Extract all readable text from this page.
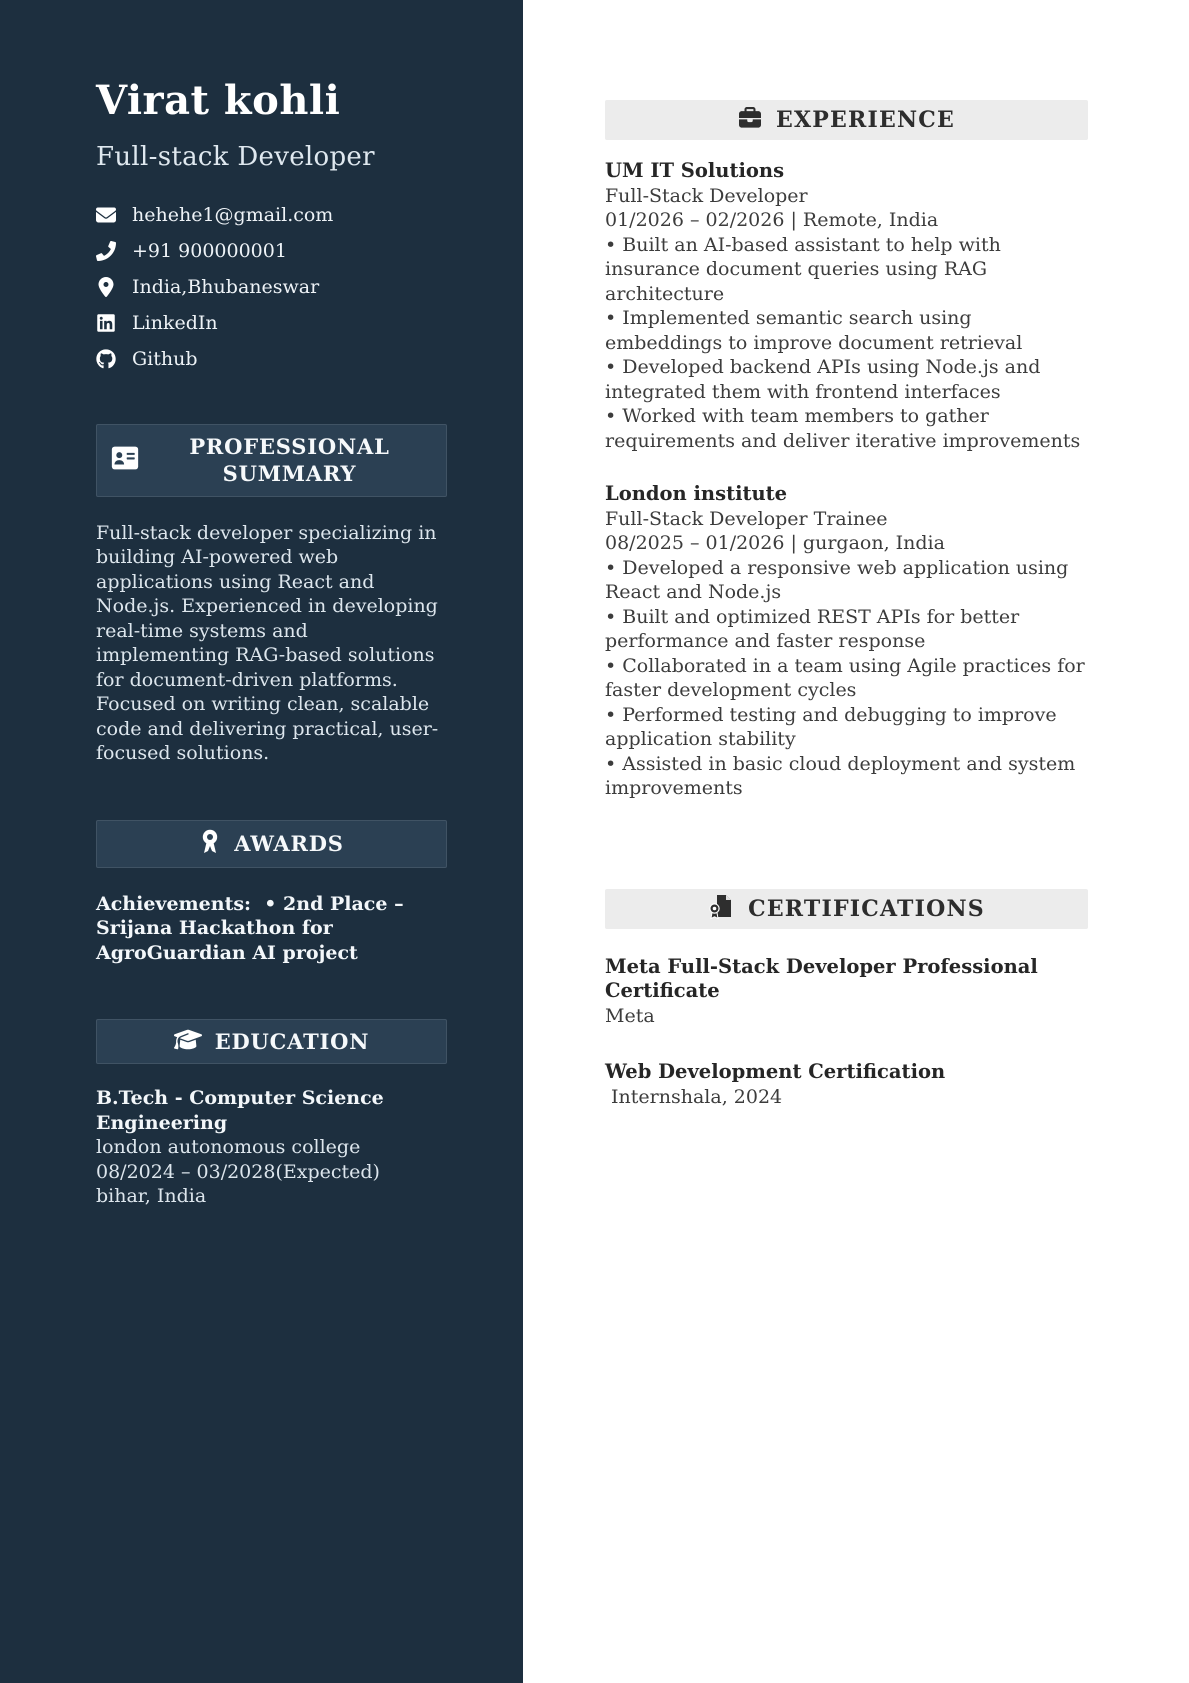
Virat kohli
Full-stack Developer
hehehe1@gmail.com
+91 900000001
India,Bhubaneswar
LinkedIn
Github
PROFESSIONAL SUMMARY

Full-stack developer specializing in building AI-powered web applications using React and Node.js. Experienced in developing real-time systems and implementing RAG-based solutions for document-driven platforms. Focused on writing clean, scalable code and delivering practical, user-focused solutions.

AWARDS

Achievements:  • 2nd Place – Srijana Hackathon for AgroGuardian AI project

EDUCATION
B.Tech - Computer Science Engineering
london autonomous college
08/2024 – 03/2028(Expected)
bihar, India
EXPERIENCE
UM IT Solutions
Full-Stack Developer
01/2026 – 02/2026 | Remote, India
• Built an AI-based assistant to help with insurance document queries using RAG architecture
• Implemented semantic search using embeddings to improve document retrieval
• Developed backend APIs using Node.js and integrated them with frontend interfaces
• Worked with team members to gather requirements and deliver iterative improvements
London institute
Full-Stack Developer Trainee
08/2025 – 01/2026 | gurgaon, India
• Developed a responsive web application using React and Node.js
• Built and optimized REST APIs for better performance and faster response
• Collaborated in a team using Agile practices for faster development cycles
• Performed testing and debugging to improve application stability
• Assisted in basic cloud deployment and system improvements
CERTIFICATIONS
Meta Full-Stack Developer Professional Certificate
Meta
Web Development Certification
Internshala, 2024
